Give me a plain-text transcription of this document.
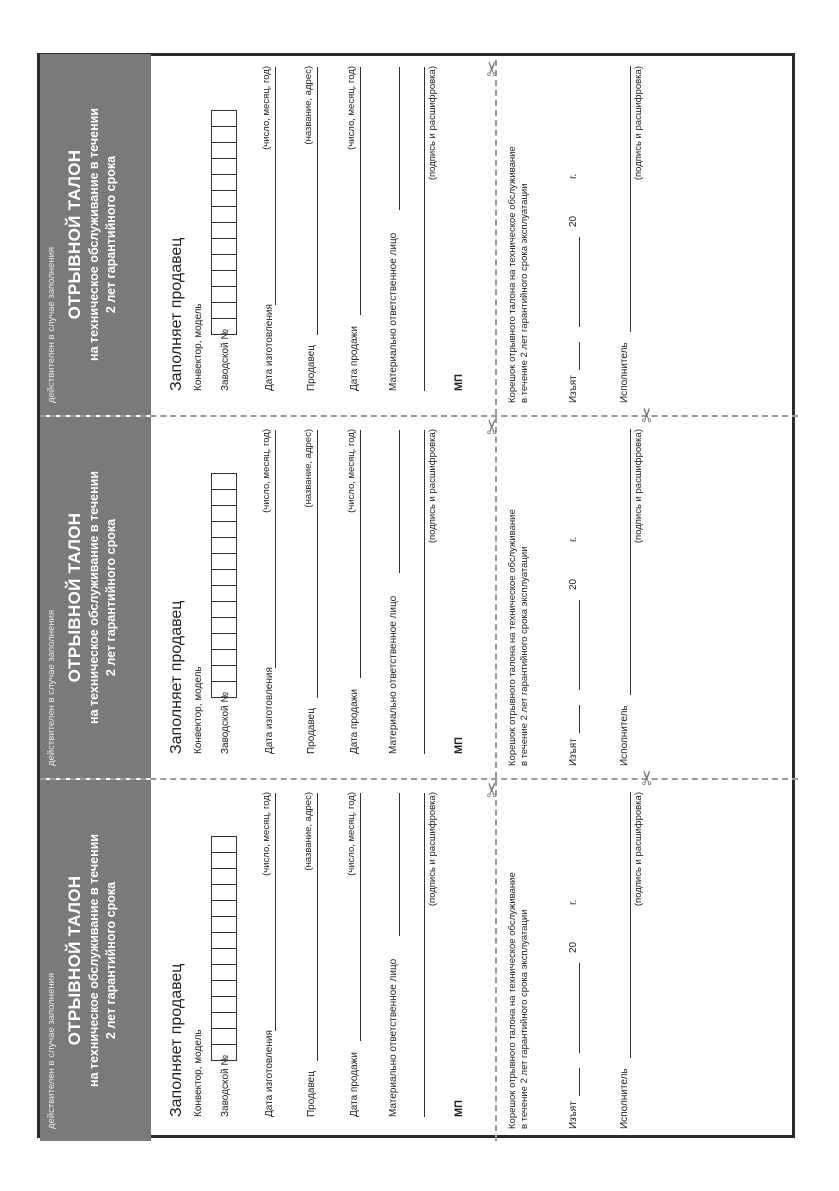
действителен в случае заполнения
ОТРЫВНОЙ ТАЛОН на техническое обслуживание в течении 2 лет гарантийного срока
Заполняет продавец Конвектор, модель Заводской №	Дата изготовления
(число, месяц, год)
Продавец
(название, адрес)
Дата продажи
(число, месяц, год)
Материально ответственное лицо
(подпись и расшифровка)
МП	Корешок отрывного талона на техническое обслуживание в течение 2 лет гарантийного срока эксплуатации	Изъят
20
г.
Исполнитель
(подпись и расшифровка)
✂
✂
действителен в случае заполнения
ОТРЫВНОЙ ТАЛОН на техническое обслуживание в течении 2 лет гарантийного срока
Заполняет продавец Конвектор, модель Заводской №	Дата изготовления
(число, месяц, год)
Продавец
(название, адрес)
Дата продажи
(число, месяц, год)
Материально ответственное лицо
(подпись и расшифровка)
МП	Корешок отрывного талона на техническое обслуживание в течение 2 лет гарантийного срока эксплуатации	Изъят
20
г.
Исполнитель
(подпись и расшифровка)
✂
✂
действителен в случае заполнения
ОТРЫВНОЙ ТАЛОН на техническое обслуживание в течении 2 лет гарантийного срока
Заполняет продавец Конвектор, модель Заводской №	Дата изготовления
(число, месяц, год)
Продавец
(название, адрес)
Дата продажи
(число, месяц, год)
Материально ответственное лицо
(подпись и расшифровка)
МП	Корешок отрывного талона на техническое обслуживание в течение 2 лет гарантийного срока эксплуатации	Изъят
20
г.
Исполнитель
(подпись и расшифровка)
✂
